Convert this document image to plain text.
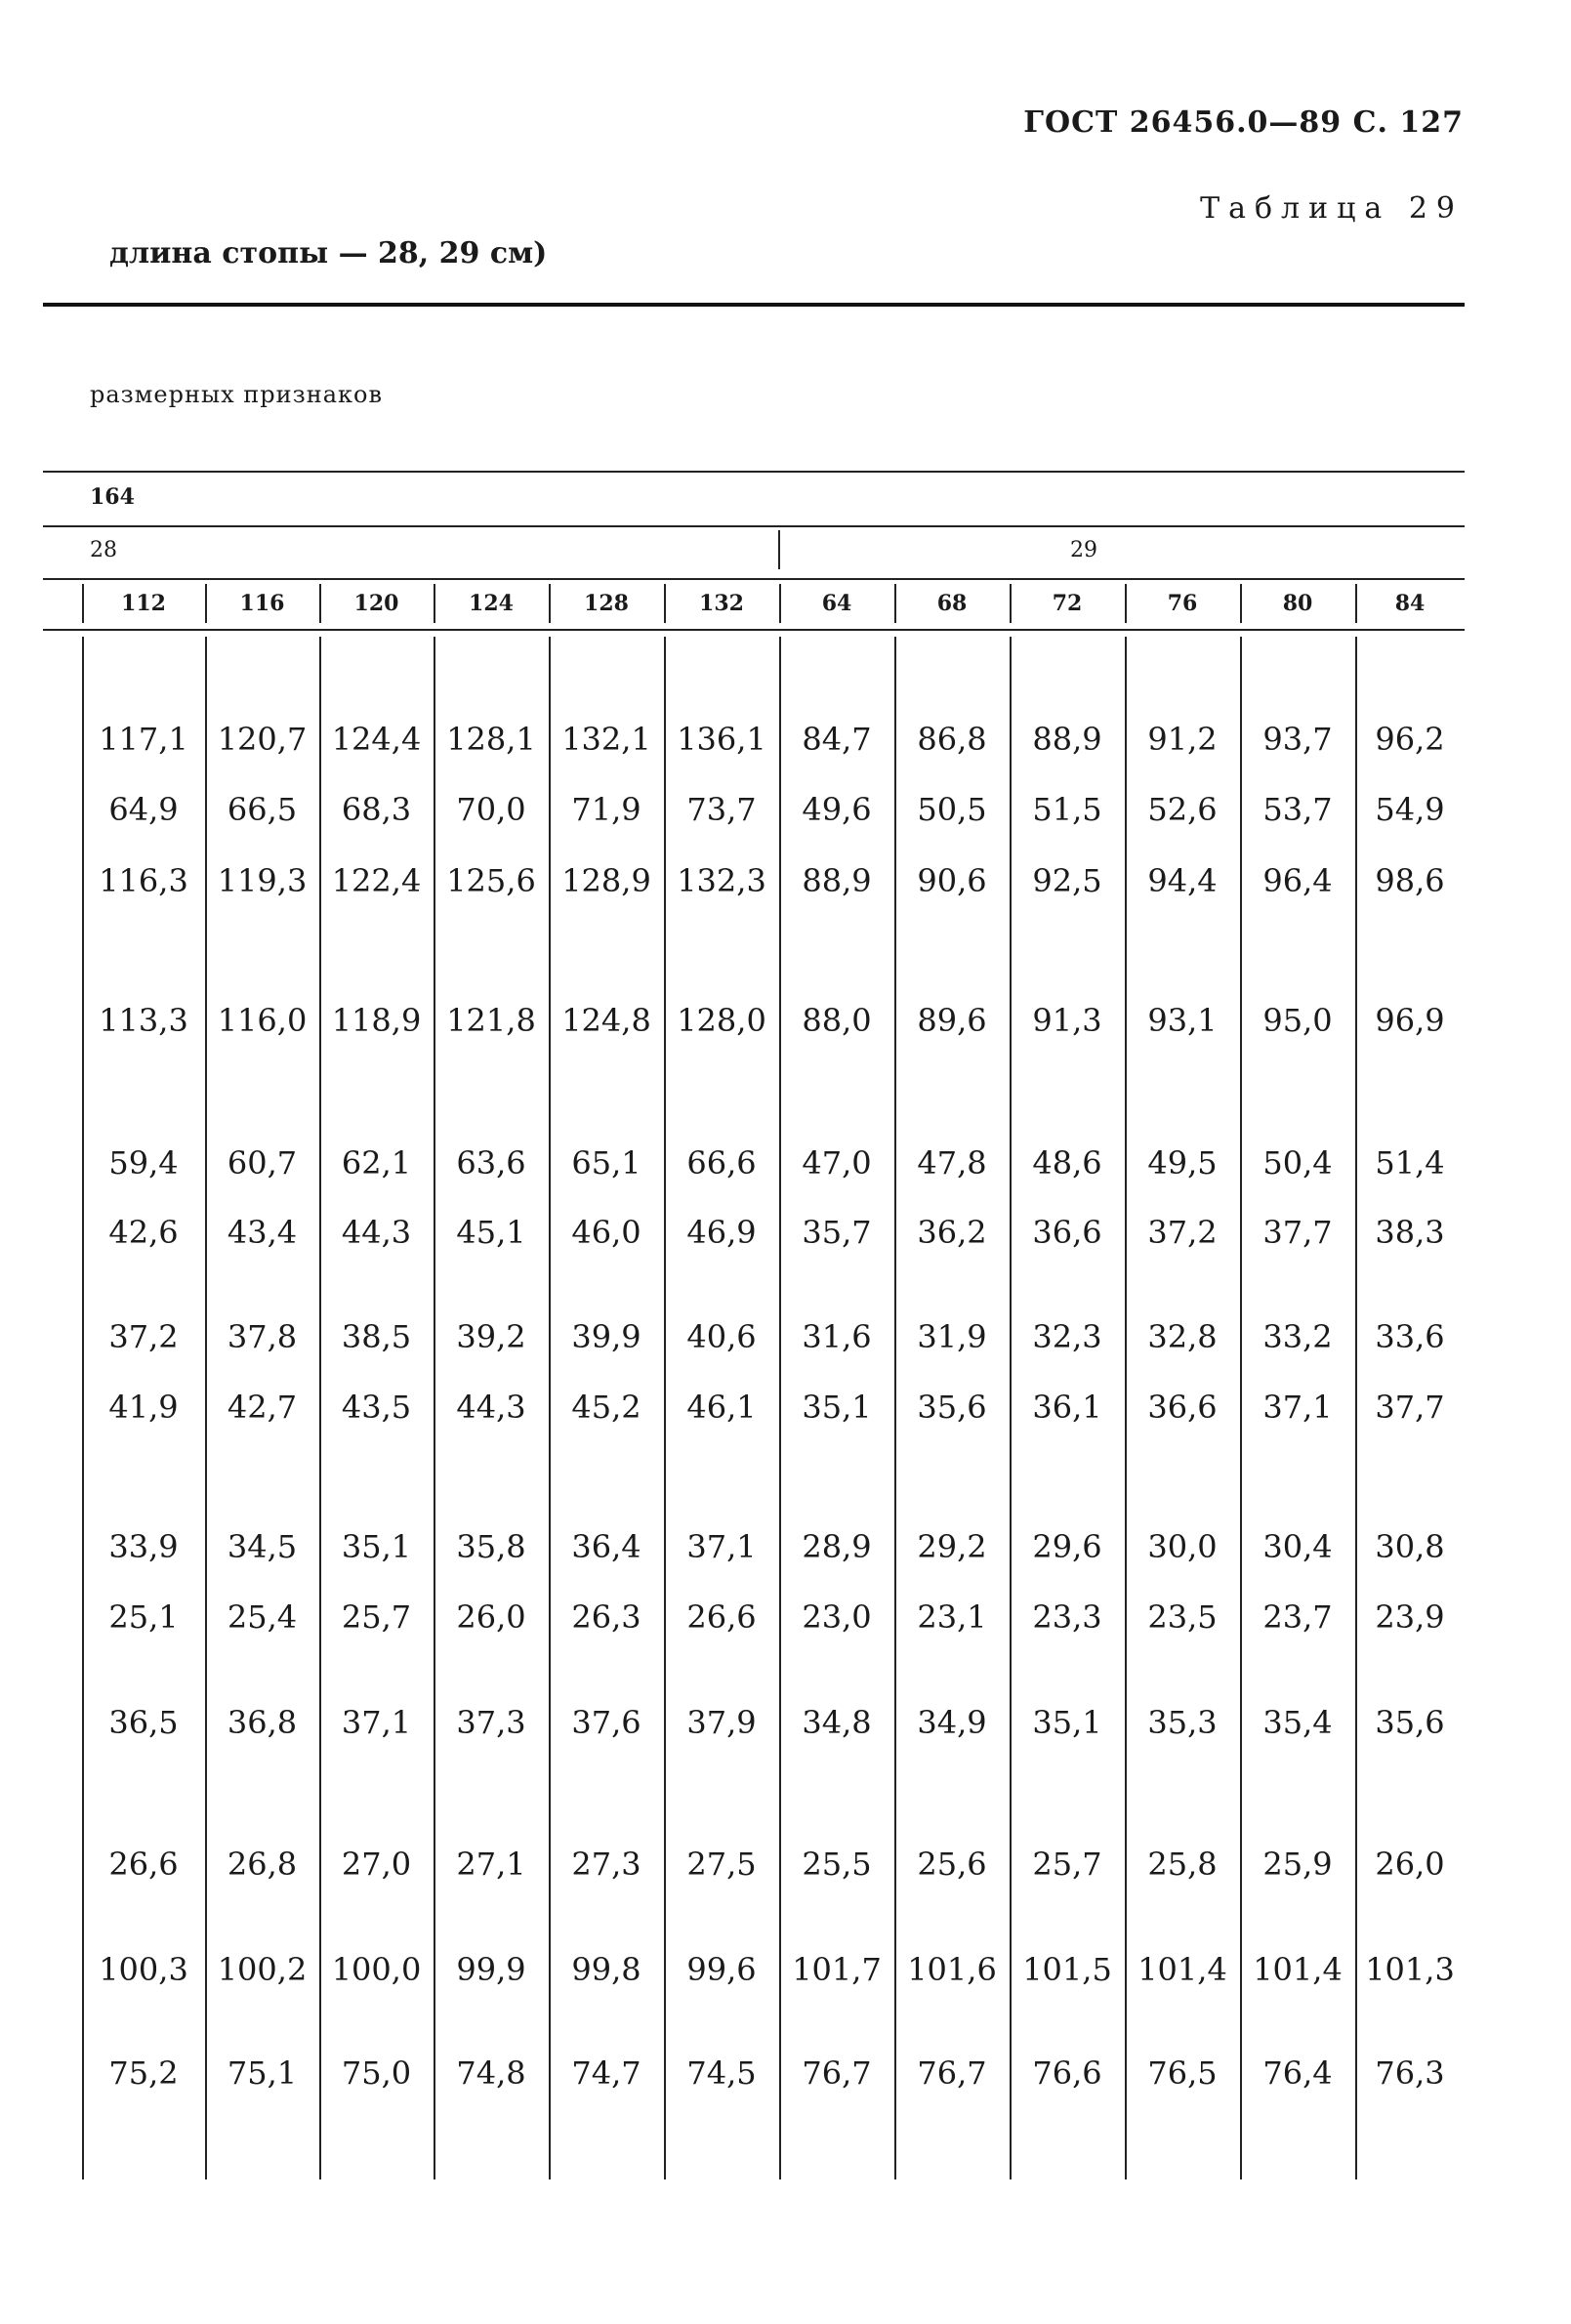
ГОСТ 26456.0—89 С. 127
Таблица 29
длина стопы — 28, 29 см)
размерных признаков
164
28	29
112	116	120	124	128	132	64	68	72	76	80	84
117,1 120,7 124,4 128,1 132,1 136,1	84,7	86,8	88,9	91,2	93,7	96,2
64,9	66,5	68,3	70,0	71,9	73,7	49,6	50,5	51,5	52,6	53,7	54,9
116,3 119,3 122,4 125,6 128,9 132,3	88,9	90,6	92,5	94,4	96,4	98,6
113,3 116,0 118,9 121,8 124,8 128,0	88,0	89,6	91,3	93,1	95,0	96,9
59,4	60,7	62,1	63,6	65,1	66,6	47,0	47,8	48,6	49,5	50,4	51,4
42,6	43,4	44,3	45,1	46,0	46,9	35,7	36,2	36,6	37,2	37,7	38,3
37,2	37,8	38,5	39,2	39,9	40,6	31,6	31,9	32,3	32,8	33,2	33,6
41,9	42,7	43,5	44,3	45,2	46,1	35,1	35,6	36,1	36,6	37,1	37,7
33,9	34,5	35,1	35,8	36,4	37,1	28,9	29,2	29,6	30,0	30,4	30,8
25,1	25,4	25,7	26,0	26,3	26,6	23,0	23,1	23,3	23,5	23,7	23,9
36,5	36,8	37,1	37,3	37,6	37,9	34,8	34,9	35,1	35,3	35,4	35,6
26,6	26,8	27,0	27,1	27,3	27,5	25,5	25,6	25,7	25,8	25,9	26,0
100,3 100,2 100,0	99,9	99,8	99,6	101,7 101,6 101,5 101,4 101,4 101,3
75,2	75,1	75,0	74,8	74,7	74,5	76,7	76,7	76,6	76,5	76,4	76,3
